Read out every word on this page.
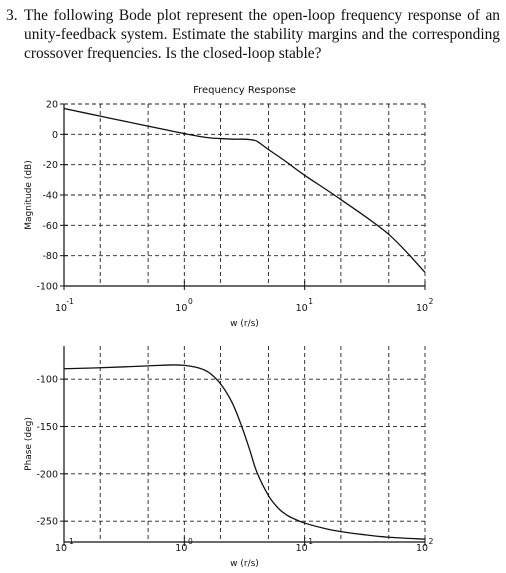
3. The following Bode plot represent the open-loop frequency response of an unity-feedback system. Estimate the stability margins and the corresponding crossover frequencies. Is the closed-loop stable?
20
0
-20
-40
-60
-80
-100
10
-1
10
0
10
1
10
2
Frequency Response
w (r/s)
Magnitude (dB)
-100
-150
-200
-250
10
-1
10
0
10
1
10
2
w (r/s)
Phase (deg)
